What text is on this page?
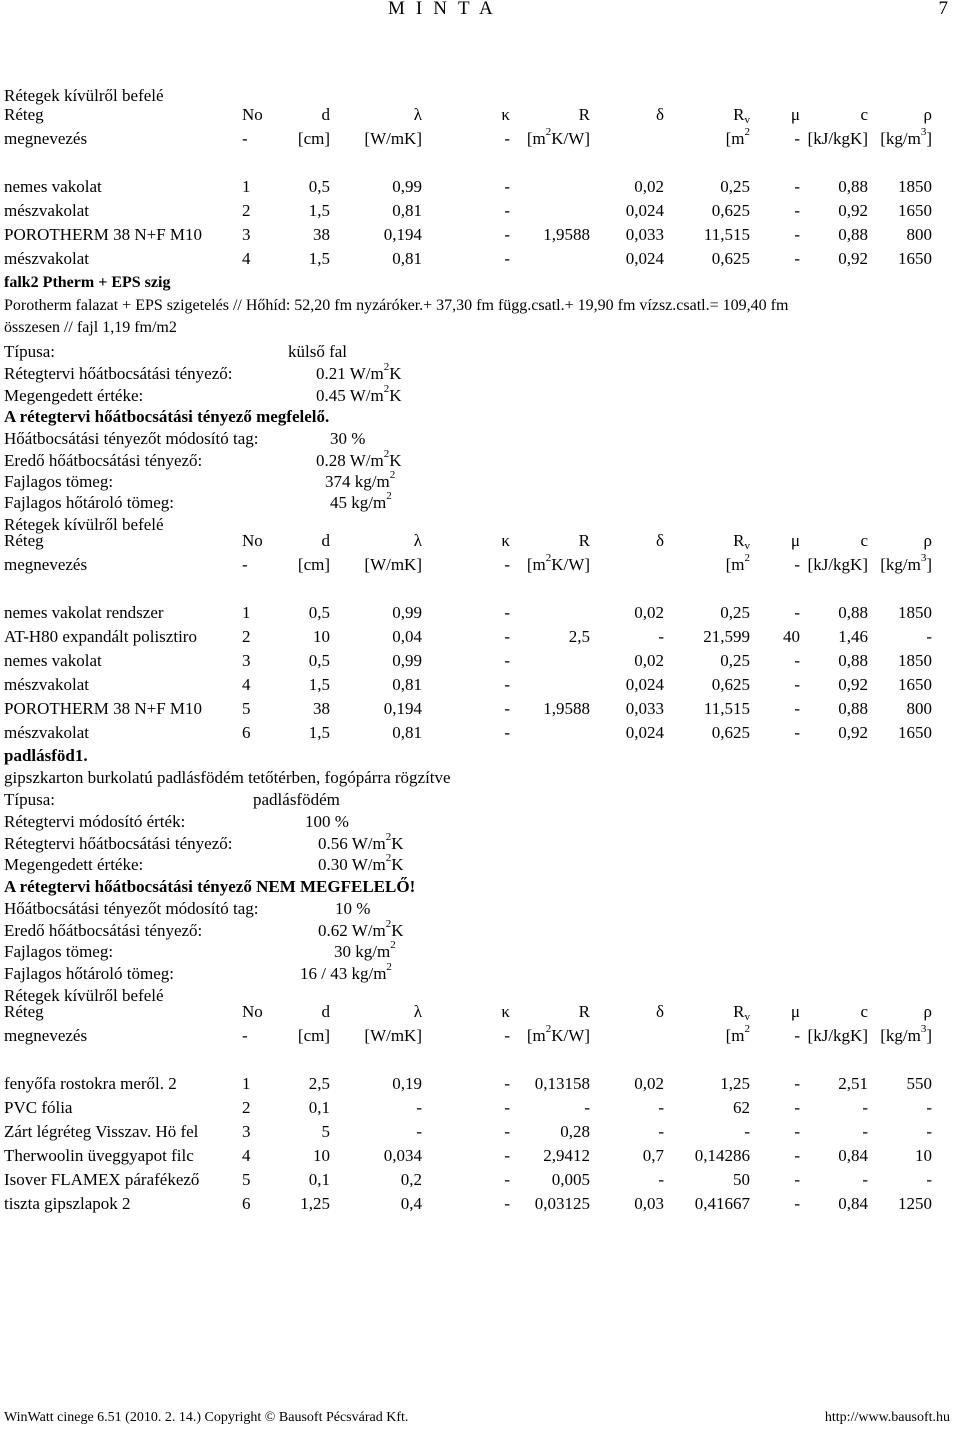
MINTA	7
Rétegek kívülről befelé
Réteg	No	d	λ	κ	R	δ	$R_v$	μ	c	ρ
megnevezés	-	[cm]	[W/mK]	-	$[m^2K/W]$		[$m^2$	-	[kJ/kgK]	$[kg/m^3]$

nemes vakolat	1	0,5	0,99	-		0,02	0,25	-	0,88	1850
mészvakolat	2	1,5	0,81	-		0,024	0,625	-	0,92	1650
POROTHERM 38 N+F M10	3	38	0,194	-	1,9588	0,033	11,515	-	0,88	800
mészvakolat	4	1,5	0,81	-		0,024	0,625	-	0,92	1650
falk2 Ptherm + EPS szig
Porotherm falazat + EPS szigetelés // Hőhíd: 52,20 fm nyzáróker.+ 37,30 fm függ.csatl.+ 19,90 fm vízsz.csatl.= 109,40 fm
összesen // fajl 1,19 fm/m2
Típusa:	külső fal
Rétegtervi hőátbocsátási tényező:	0.21 $W/m^2K$
Megengedett értéke:	0.45 $W/m^2K$
A rétegtervi hőátbocsátási tényező megfelelő.
Hőátbocsátási tényezőt módosító tag:	30 %
Eredő hőátbocsátási tényező:	0.28 $W/m^2K$
Fajlagos tömeg:	374 $kg/m^2$
Fajlagos hőtároló tömeg:	45 $kg/m^2$
Rétegek kívülről befelé
Réteg	No	d	λ	κ	R	δ	$R_v$	μ	c	ρ
megnevezés	-	[cm]	[W/mK]	-	$[m^2K/W]$		[$m^2$	-	[kJ/kgK]	$[kg/m^3]$

nemes vakolat rendszer	1	0,5	0,99	-		0,02	0,25	-	0,88	1850
AT-H80 expandált polisztiro	2	10	0,04	-	2,5	-	21,599	40	1,46	-
nemes vakolat	3	0,5	0,99	-		0,02	0,25	-	0,88	1850
mészvakolat	4	1,5	0,81	-		0,024	0,625	-	0,92	1650
POROTHERM 38 N+F M10	5	38	0,194	-	1,9588	0,033	11,515	-	0,88	800
mészvakolat	6	1,5	0,81	-		0,024	0,625	-	0,92	1650
padlásföd1.
gipszkarton burkolatú padlásfödém tetőtérben, fogópárra rögzítve
Típusa:	padlásfödém
Rétegtervi módosító érték:	100 %
Rétegtervi hőátbocsátási tényező:	0.56 $W/m^2K$
Megengedett értéke:	0.30 $W/m^2K$
A rétegtervi hőátbocsátási tényező NEM MEGFELELŐ!
Hőátbocsátási tényezőt módosító tag:	10 %
Eredő hőátbocsátási tényező:	0.62 $W/m^2K$
Fajlagos tömeg:	30 $kg/m^2$
Fajlagos hőtároló tömeg:	16 / 43 $kg/m^2$
Rétegek kívülről befelé
Réteg	No	d	λ	κ	R	δ	$R_v$	μ	c	ρ
megnevezés	-	[cm]	[W/mK]	-	$[m^2K/W]$		[$m^2$	-	[kJ/kgK]	$[kg/m^3]$

fenyőfa rostokra meről. 2	1	2,5	0,19	-	0,13158	0,02	1,25	-	2,51	550
PVC fólia	2	0,1	-	-	-	-	62	-	-	-
Zárt légréteg Visszav. Hö fel	3	5	-	-	0,28	-	-	-	-	-
Therwoolin üveggyapot filc	4	10	0,034	-	2,9412	0,7	0,14286	-	0,84	10
Isover FLAMEX párafékező	5	0,1	0,2	-	0,005	-	50	-	-	-
tiszta gipszlapok 2	6	1,25	0,4	-	0,03125	0,03	0,41667	-	0,84	1250
WinWatt cinege 6.51 (2010. 2. 14.) Copyright © Bausoft Pécsvárad Kft.	http://www.bausoft.hu
